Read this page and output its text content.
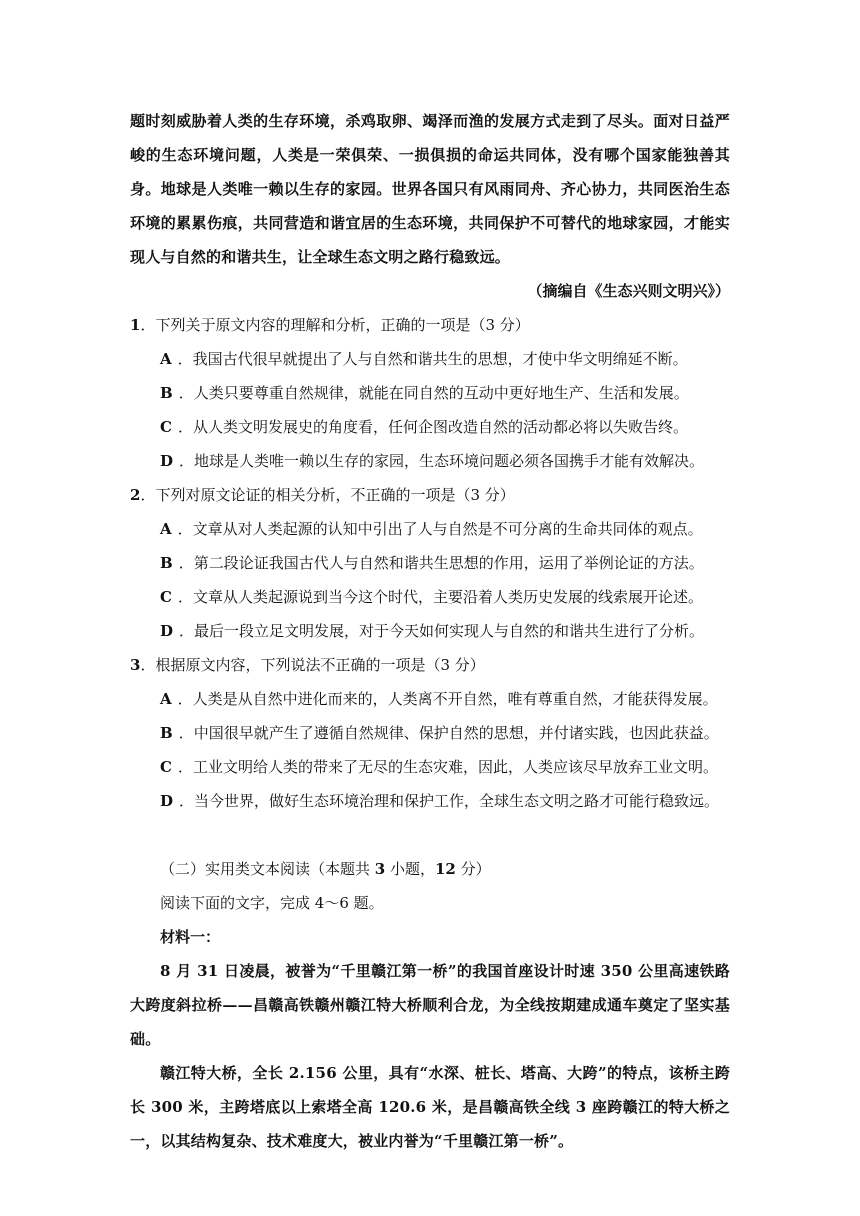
题时刻威胁着人类的生存环境，杀鸡取卵、竭泽而渔的发展方式走到了尽头。面对日益严峻的生态环境问题，人类是一荣俱荣、一损俱损的命运共同体，没有哪个国家能独善其身。地球是人类唯一赖以生存的家园。世界各国只有风雨同舟、齐心协力，共同医治生态环境的累累伤痕，共同营造和谐宜居的生态环境，共同保护不可替代的地球家园，才能实现人与自然的和谐共生，让全球生态文明之路行稳致远。

（摘编自《生态兴则文明兴》）

1．下列关于原文内容的理解和分析，正确的一项是（3 分）

A ．我国古代很早就提出了人与自然和谐共生的思想，才使中华文明绵延不断。

B ．人类只要尊重自然规律，就能在同自然的互动中更好地生产、生活和发展。

C ．从人类文明发展史的角度看，任何企图改造自然的活动都必将以失败告终。

D ．地球是人类唯一赖以生存的家园，生态环境问题必须各国携手才能有效解决。

2．下列对原文论证的相关分析，不正确的一项是（3 分）

A ．文章从对人类起源的认知中引出了人与自然是不可分离的生命共同体的观点。

B ．第二段论证我国古代人与自然和谐共生思想的作用，运用了举例论证的方法。

C ．文章从人类起源说到当今这个时代，主要沿着人类历史发展的线索展开论述。

D ．最后一段立足文明发展，对于今天如何实现人与自然的和谐共生进行了分析。

3．根据原文内容，下列说法不正确的一项是（3 分）

A ．人类是从自然中进化而来的，人类离不开自然，唯有尊重自然，才能获得发展。

B ．中国很早就产生了遵循自然规律、保护自然的思想，并付诸实践，也因此获益。

C ．工业文明给人类的带来了无尽的生态灾难，因此，人类应该尽早放弃工业文明。

D ．当今世界，做好生态环境治理和保护工作，全球生态文明之路才可能行稳致远。

（二）实用类文本阅读（本题共 3 小题，12 分）

阅读下面的文字，完成 4～6 题。

材料一：

8 月 31 日凌晨，被誉为“千里赣江第一桥”的我国首座设计时速 350 公里高速铁路大跨度斜拉桥——昌赣高铁赣州赣江特大桥顺利合龙，为全线按期建成通车奠定了坚实基础。

赣江特大桥，全长 2.156 公里，具有“水深、桩长、塔高、大跨”的特点，该桥主跨长 300 米，主跨塔底以上索塔全高 120.6 米，是昌赣高铁全线 3 座跨赣江的特大桥之一，以其结构复杂、技术难度大，被业内誉为“千里赣江第一桥”。
